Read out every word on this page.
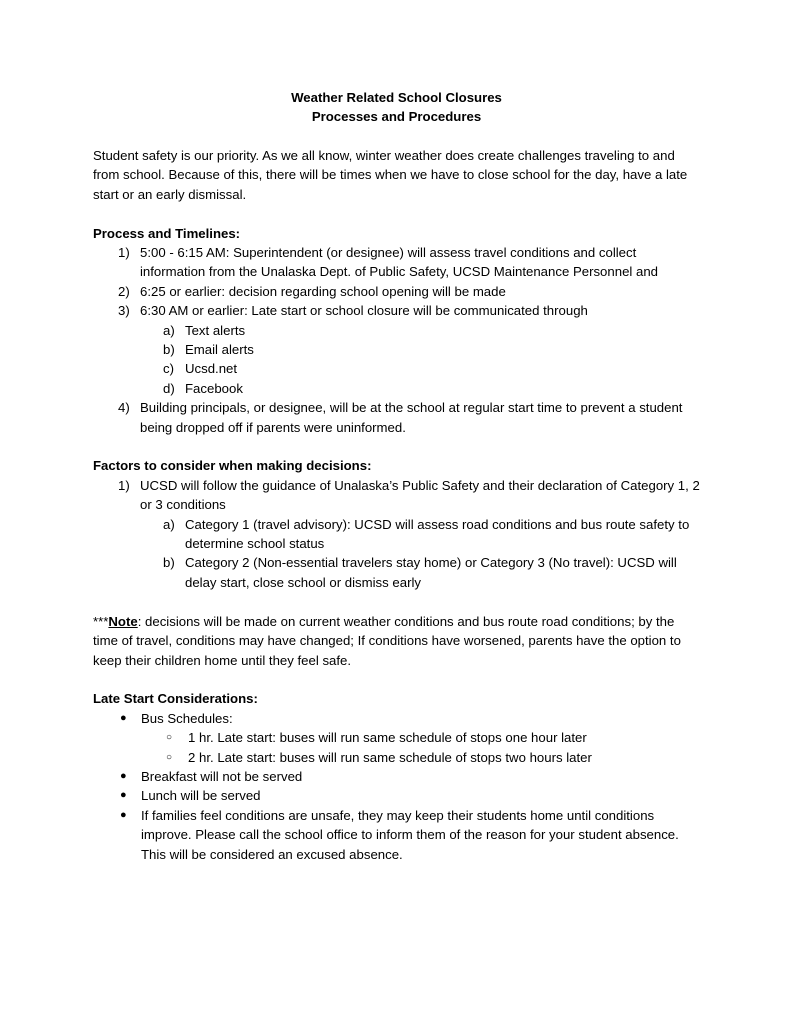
Weather Related School Closures
Processes and Procedures

Student safety is our priority. As we all know, winter weather does create challenges traveling to and from school. Because of this, there will be times when we have to close school for the day, have a late start or an early dismissal.

Process and Timelines:

1) 5:00 - 6:15 AM: Superintendent (or designee) will assess travel conditions and collect information from the Unalaska Dept. of Public Safety, UCSD Maintenance Personnel and
2) 6:25 or earlier: decision regarding school opening will be made
3) 6:30 AM or earlier: Late start or school closure will be communicated through
a) Text alerts
b) Email alerts
c) Ucsd.net
d) Facebook
4) Building principals, or designee, will be at the school at regular start time to prevent a student being dropped off if parents were uninformed.

Factors to consider when making decisions:

1) UCSD will follow the guidance of Unalaska’s Public Safety and their declaration of Category 1, 2 or 3 conditions
a) Category 1 (travel advisory): UCSD will assess road conditions and bus route safety to determine school status
b) Category 2 (Non-essential travelers stay home) or Category 3 (No travel): UCSD will delay start, close school or dismiss early

***Note: decisions will be made on current weather conditions and bus route road conditions; by the time of travel, conditions may have changed; If conditions have worsened, parents have the option to keep their children home until they feel safe.

Late Start Considerations:

● Bus Schedules:
○ 1 hr. Late start: buses will run same schedule of stops one hour later
○ 2 hr. Late start: buses will run same schedule of stops two hours later
● Breakfast will not be served
● Lunch will be served
● If families feel conditions are unsafe, they may keep their students home until conditions improve. Please call the school office to inform them of the reason for your student absence. This will be considered an excused absence.
